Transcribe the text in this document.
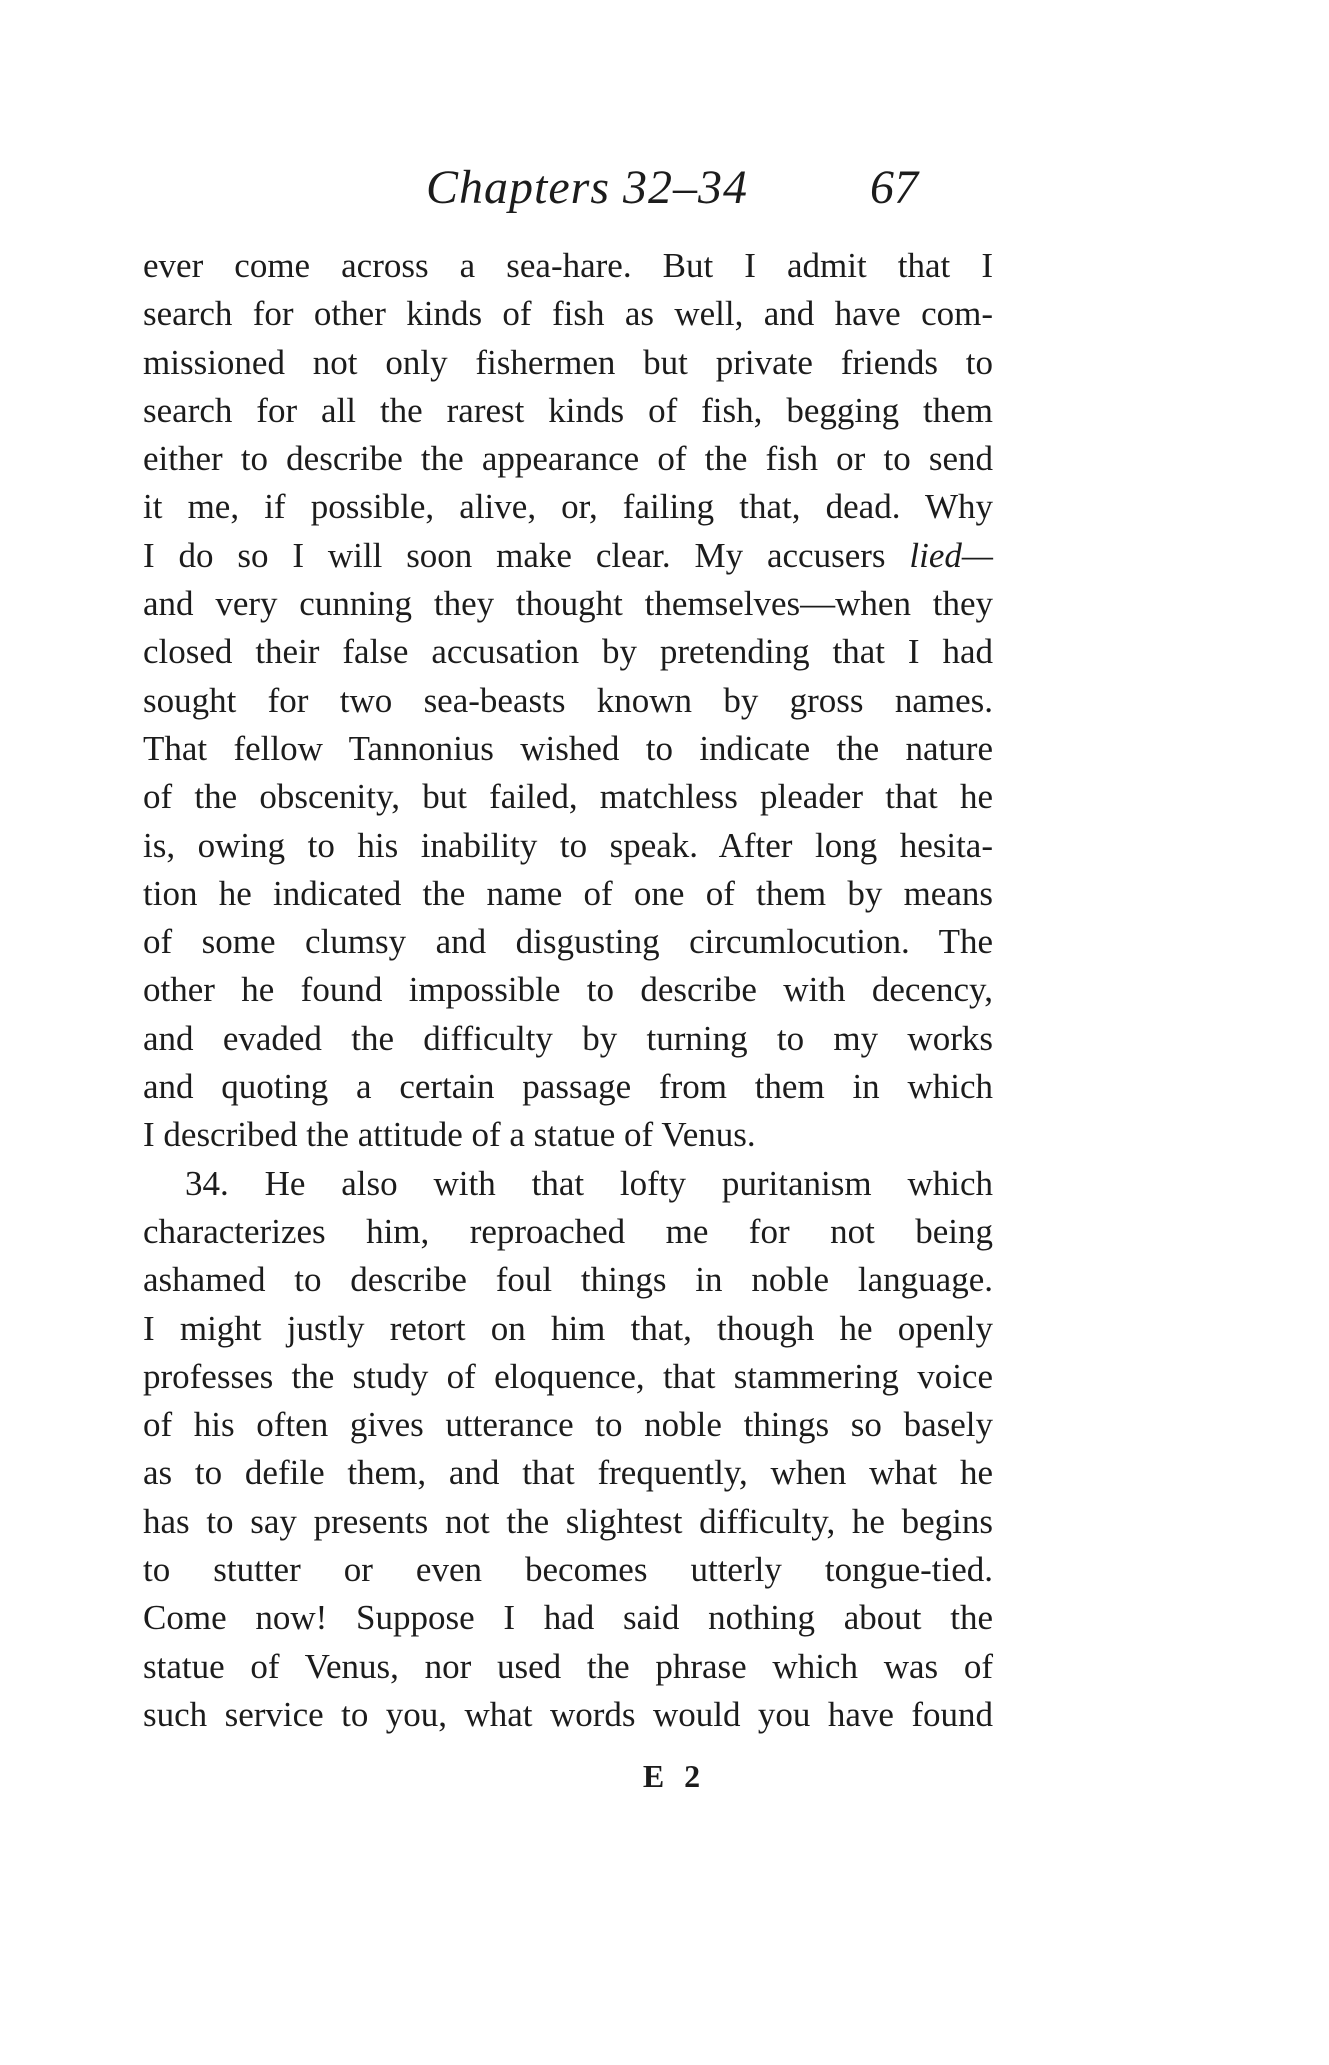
Chapters 32–34	67
ever come across a sea-hare. But I admit that I
search for other kinds of fish as well, and have com-
missioned not only fishermen but private friends to
search for all the rarest kinds of fish, begging them
either to describe the appearance of the fish or to send
it me, if possible, alive, or, failing that, dead. Why
I do so I will soon make clear. My accusers lied—
and very cunning they thought themselves—when they
closed their false accusation by pretending that I had
sought for two sea-beasts known by gross names.
That fellow Tannonius wished to indicate the nature
of the obscenity, but failed, matchless pleader that he
is, owing to his inability to speak. After long hesita-
tion he indicated the name of one of them by means
of some clumsy and disgusting circumlocution. The
other he found impossible to describe with decency,
and evaded the difficulty by turning to my works
and quoting a certain passage from them in which
I described the attitude of a statue of Venus.
34. He also with that lofty puritanism which
characterizes him, reproached me for not being
ashamed to describe foul things in noble language.
I might justly retort on him that, though he openly
professes the study of eloquence, that stammering voice
of his often gives utterance to noble things so basely
as to defile them, and that frequently, when what he
has to say presents not the slightest difficulty, he begins
to stutter or even becomes utterly tongue-tied.
Come now! Suppose I had said nothing about the
statue of Venus, nor used the phrase which was of
such service to you, what words would you have found
E 2
